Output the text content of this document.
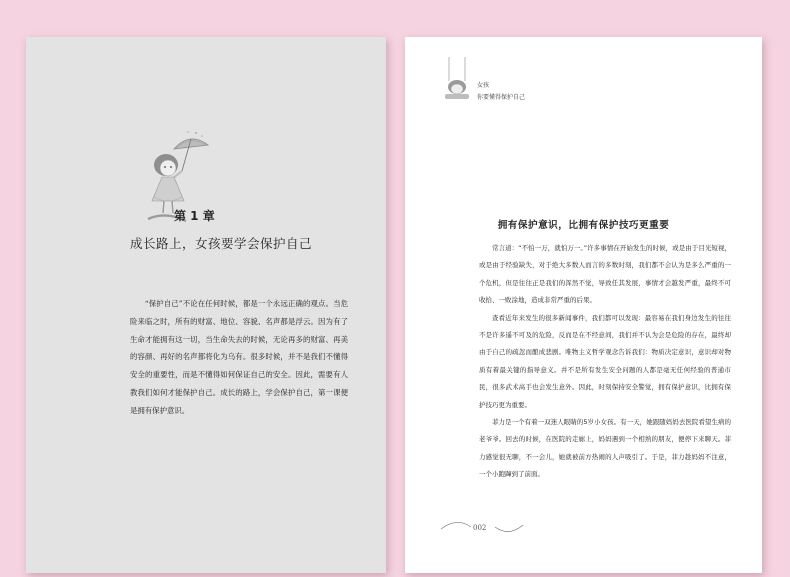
第 1 章
成长路上，女孩要学会保护自己

“保护自己”不论在任何时候，都是一个永远正确的观点。当危险来临之时，所有的财富、地位、容貌、名声都是浮云。因为有了生命才能拥有这一切，当生命失去的时候，无论再多的财富、再美的容颜、再好的名声都将化为乌有。很多时候，并不是我们不懂得安全的重要性，而是不懂得如何保证自己的安全。因此，需要有人教我们如何才能保护自己。成长的路上，学会保护自己，第一课便是拥有保护意识。

女孩
你要懂得保护自己
拥有保护意识，比拥有保护技巧更重要

常言道：“不怕一万，就怕万一。”许多事情在开始发生的时候，或是由于目光短视，或是由于经验缺失，对于绝大多数人而言的多数时刻，我们都不会认为是多么严重的一个危机，但是往往正是我们的浑然不觉，导致任其发展，事情才会越发严重，最终不可收拾、一败涂地，造成非常严重的后果。

查看近年来发生的很多新闻事件，我们都可以发现：最容易在我们身边发生的往往不是许多遥不可及的危险，反而是在不经意间，我们并不认为会是危险的存在，最终却由于自己的疏忽而酿成悲剧。唯物主义哲学观念告诉我们：物质决定意识，意识却对物质有着最关键的指导意义。并不是所有发生安全问题的人都是毫无任何经验的普通市民，很多武术高手也会发生意外。因此，时刻保持安全警觉，拥有保护意识，比拥有保护技巧更为重要。

菲力是一个有着一双迷人眼睛的5岁小女孩。有一天，她跟随妈妈去医院看望生病的老爷爷。回去的时候，在医院的走廊上，妈妈遇到一个相熟的朋友，便停下来聊天。菲力感觉很无聊，不一会儿，她就被前方热闹的人声吸引了。于是，菲力趁妈妈不注意，一个小跑蹿到了前面。

002
